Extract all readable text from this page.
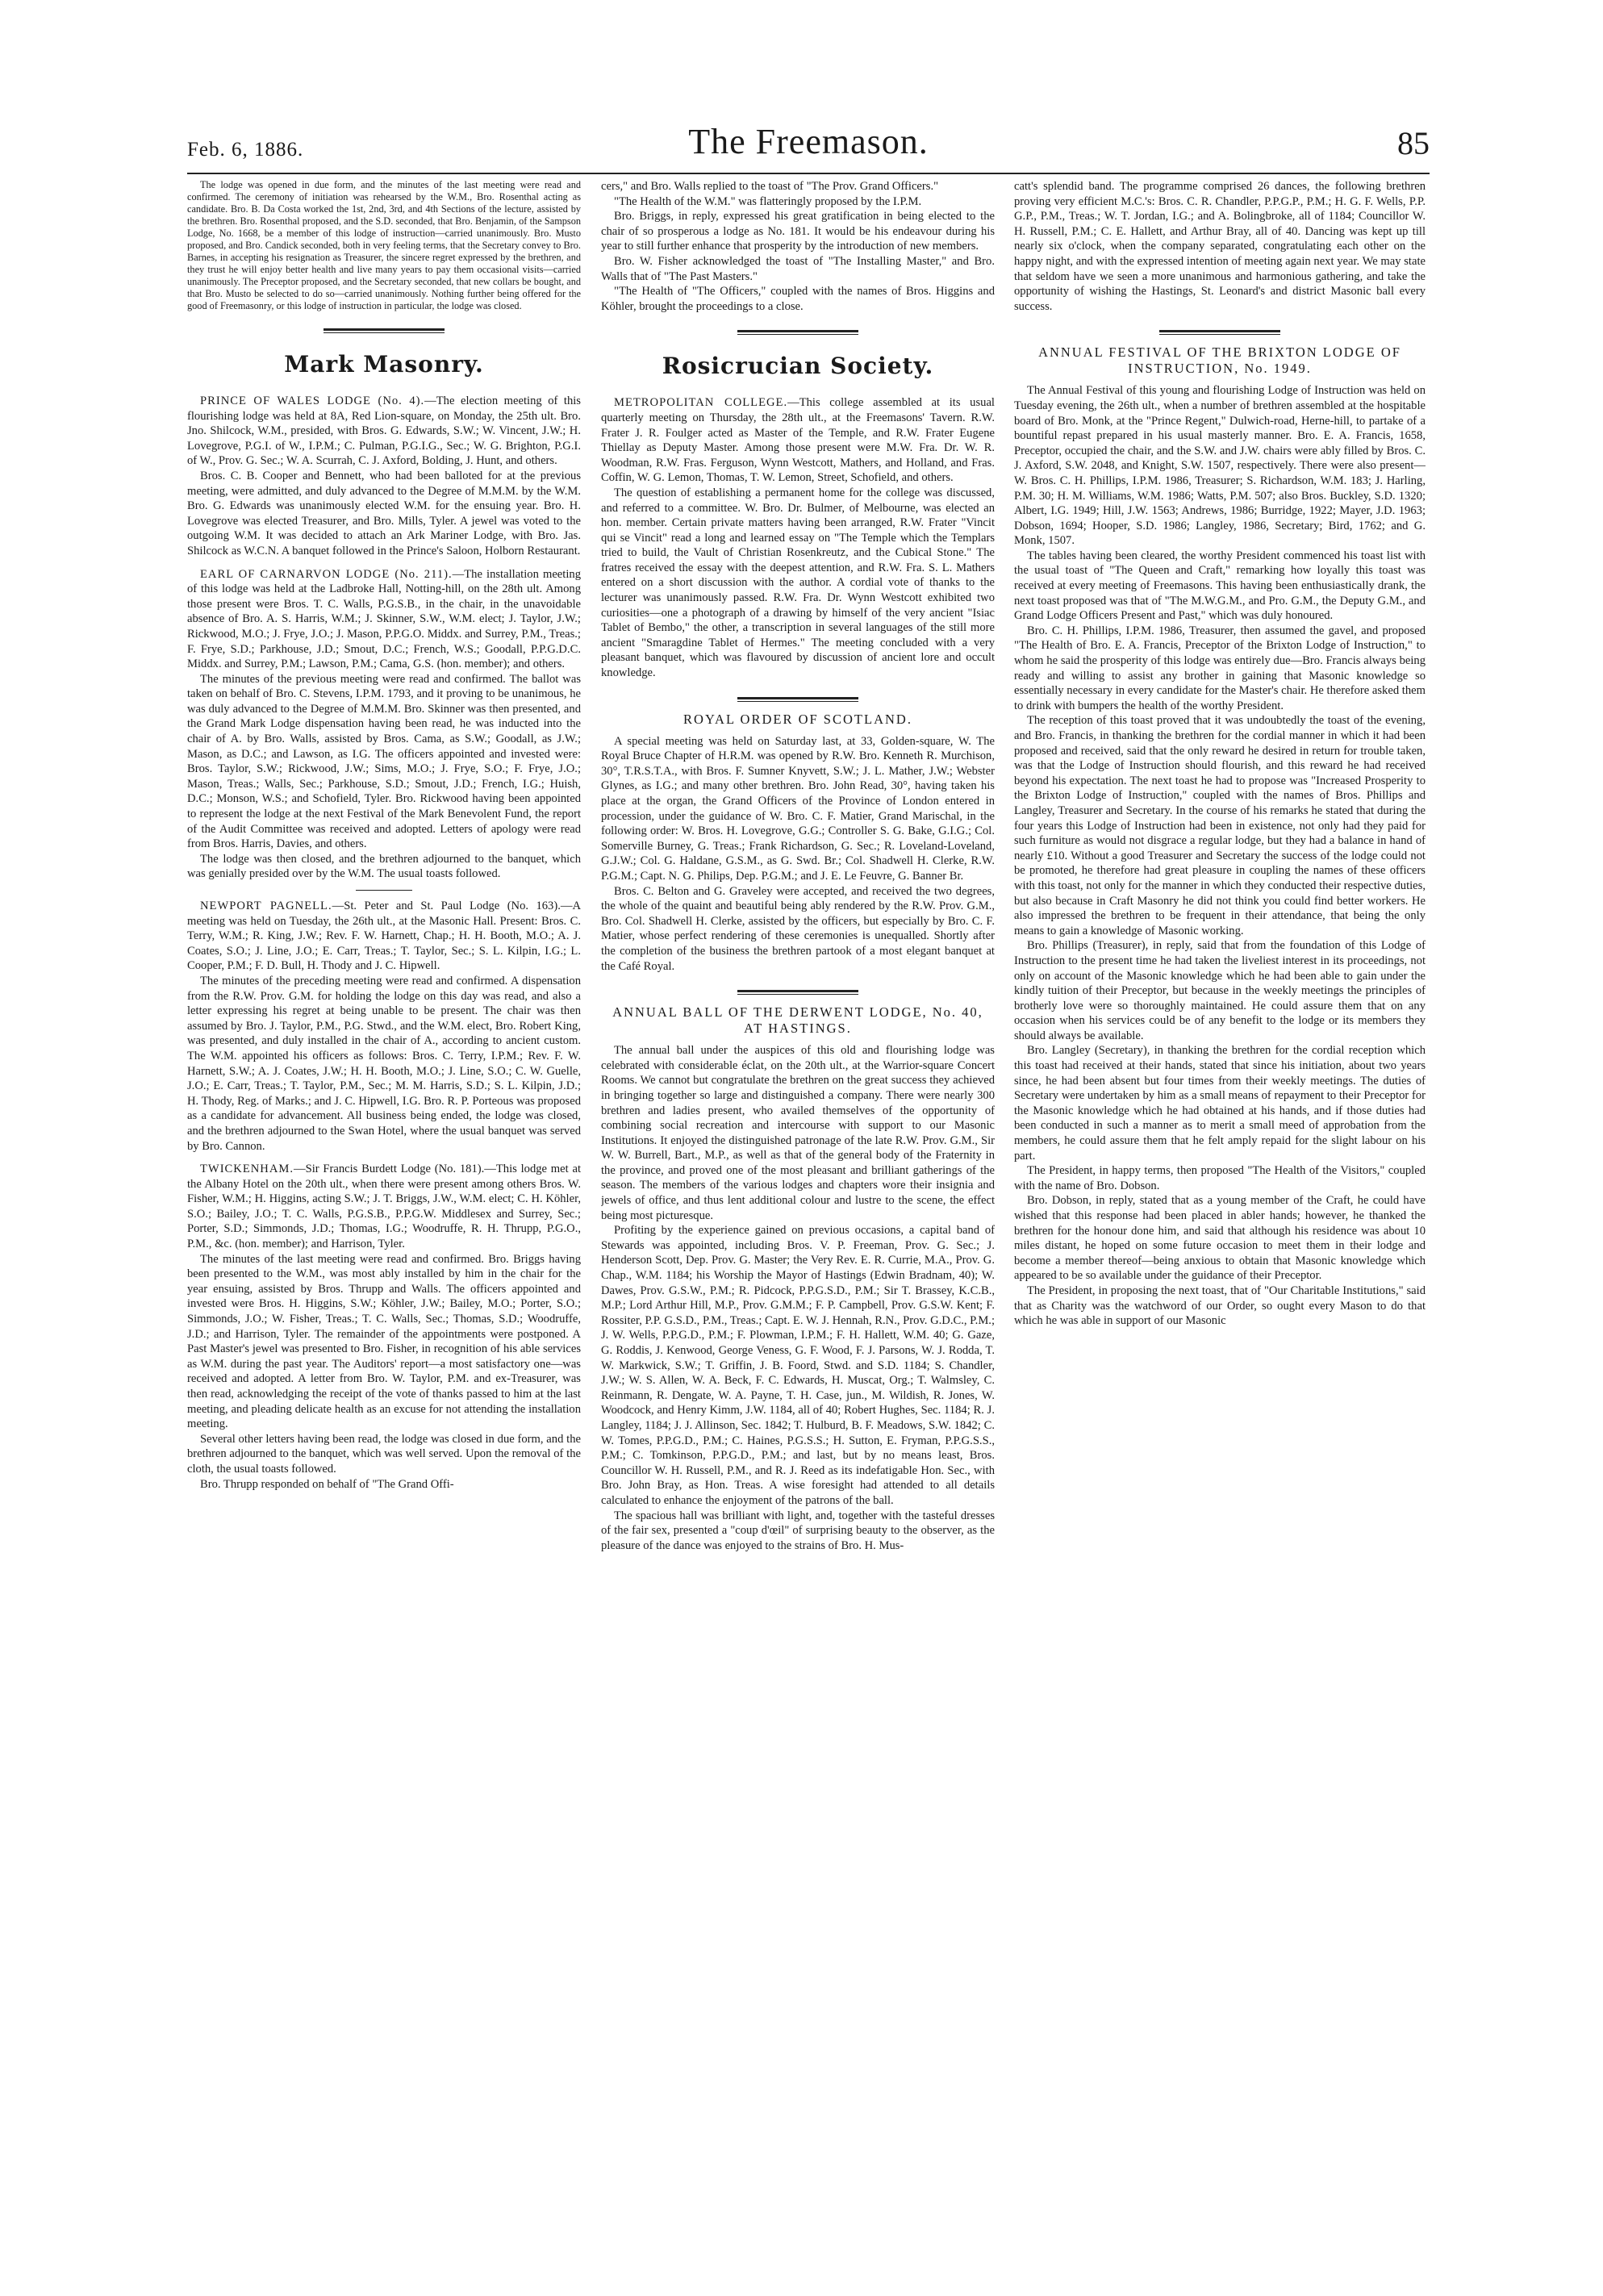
Feb. 6, 1886.	The Freemason.	85

The lodge was opened in due form, and the minutes of the last meeting were read and confirmed. The ceremony of initiation was rehearsed by the W.M., Bro. Rosenthal acting as candidate. Bro. B. Da Costa worked the 1st, 2nd, 3rd, and 4th Sections of the lecture, assisted by the brethren. Bro. Rosenthal proposed, and the S.D. seconded, that Bro. Benjamin, of the Sampson Lodge, No. 1668, be a member of this lodge of instruction—carried unanimously. Bro. Musto proposed, and Bro. Candick seconded, both in very feeling terms, that the Secretary convey to Bro. Barnes, in accepting his resignation as Treasurer, the sincere regret expressed by the brethren, and they trust he will enjoy better health and live many years to pay them occasional visits—carried unanimously. The Preceptor proposed, and the Secretary seconded, that new collars be bought, and that Bro. Musto be selected to do so—carried unanimously. Nothing further being offered for the good of Freemasonry, or this lodge of instruction in particular, the lodge was closed.

Mark Masonry.

PRINCE OF WALES LODGE (No. 4).—The election meeting of this flourishing lodge was held at 8A, Red Lion-square, on Monday, the 25th ult. Bro. Jno. Shilcock, W.M., presided, with Bros. G. Edwards, S.W.; W. Vincent, J.W.; H. Lovegrove, P.G.I. of W., I.P.M.; C. Pulman, P.G.I.G., Sec.; W. G. Brighton, P.G.I. of W., Prov. G. Sec.; W. A. Scurrah, C. J. Axford, Bolding, J. Hunt, and others.

Bros. C. B. Cooper and Bennett, who had been balloted for at the previous meeting, were admitted, and duly advanced to the Degree of M.M.M. by the W.M. Bro. G. Edwards was unanimously elected W.M. for the ensuing year. Bro. H. Lovegrove was elected Treasurer, and Bro. Mills, Tyler. A jewel was voted to the outgoing W.M. It was decided to attach an Ark Mariner Lodge, with Bro. Jas. Shilcock as W.C.N. A banquet followed in the Prince's Saloon, Holborn Restaurant.

EARL OF CARNARVON LODGE (No. 211).—The installation meeting of this lodge was held at the Ladbroke Hall, Notting-hill, on the 28th ult. Among those present were Bros. T. C. Walls, P.G.S.B., in the chair, in the unavoidable absence of Bro. A. S. Harris, W.M.; J. Skinner, S.W., W.M. elect; J. Taylor, J.W.; Rickwood, M.O.; J. Frye, J.O.; J. Mason, P.P.G.O. Middx. and Surrey, P.M., Treas.; F. Frye, S.D.; Parkhouse, J.D.; Smout, D.C.; French, W.S.; Goodall, P.P.G.D.C. Middx. and Surrey, P.M.; Lawson, P.M.; Cama, G.S. (hon. member); and others.

The minutes of the previous meeting were read and confirmed. The ballot was taken on behalf of Bro. C. Stevens, I.P.M. 1793, and it proving to be unanimous, he was duly advanced to the Degree of M.M.M. Bro. Skinner was then presented, and the Grand Mark Lodge dispensation having been read, he was inducted into the chair of A. by Bro. Walls, assisted by Bros. Cama, as S.W.; Goodall, as J.W.; Mason, as D.C.; and Lawson, as I.G. The officers appointed and invested were: Bros. Taylor, S.W.; Rickwood, J.W.; Sims, M.O.; J. Frye, S.O.; F. Frye, J.O.; Mason, Treas.; Walls, Sec.; Parkhouse, S.D.; Smout, J.D.; French, I.G.; Huish, D.C.; Monson, W.S.; and Schofield, Tyler. Bro. Rickwood having been appointed to represent the lodge at the next Festival of the Mark Benevolent Fund, the report of the Audit Committee was received and adopted. Letters of apology were read from Bros. Harris, Davies, and others.

The lodge was then closed, and the brethren adjourned to the banquet, which was genially presided over by the W.M. The usual toasts followed.

NEWPORT PAGNELL.—St. Peter and St. Paul Lodge (No. 163).—A meeting was held on Tuesday, the 26th ult., at the Masonic Hall. Present: Bros. C. Terry, W.M.; R. King, J.W.; Rev. F. W. Harnett, Chap.; H. H. Booth, M.O.; A. J. Coates, S.O.; J. Line, J.O.; E. Carr, Treas.; T. Taylor, Sec.; S. L. Kilpin, I.G.; L. Cooper, P.M.; F. D. Bull, H. Thody and J. C. Hipwell.

The minutes of the preceding meeting were read and confirmed. A dispensation from the R.W. Prov. G.M. for holding the lodge on this day was read, and also a letter expressing his regret at being unable to be present. The chair was then assumed by Bro. J. Taylor, P.M., P.G. Stwd., and the W.M. elect, Bro. Robert King, was presented, and duly installed in the chair of A., according to ancient custom. The W.M. appointed his officers as follows: Bros. C. Terry, I.P.M.; Rev. F. W. Harnett, S.W.; A. J. Coates, J.W.; H. H. Booth, M.O.; J. Line, S.O.; C. W. Guelle, J.O.; E. Carr, Treas.; T. Taylor, P.M., Sec.; M. M. Harris, S.D.; S. L. Kilpin, J.D.; H. Thody, Reg. of Marks.; and J. C. Hipwell, I.G. Bro. R. P. Porteous was proposed as a candidate for advancement. All business being ended, the lodge was closed, and the brethren adjourned to the Swan Hotel, where the usual banquet was served by Bro. Cannon.

TWICKENHAM.—Sir Francis Burdett Lodge (No. 181).—This lodge met at the Albany Hotel on the 20th ult., when there were present among others Bros. W. Fisher, W.M.; H. Higgins, acting S.W.; J. T. Briggs, J.W., W.M. elect; C. H. Köhler, S.O.; Bailey, J.O.; T. C. Walls, P.G.S.B., P.P.G.W. Middlesex and Surrey, Sec.; Porter, S.D.; Simmonds, J.D.; Thomas, I.G.; Woodruffe, R. H. Thrupp, P.G.O., P.M., &c. (hon. member); and Harrison, Tyler.

The minutes of the last meeting were read and confirmed. Bro. Briggs having been presented to the W.M., was most ably installed by him in the chair for the year ensuing, assisted by Bros. Thrupp and Walls. The officers appointed and invested were Bros. H. Higgins, S.W.; Köhler, J.W.; Bailey, M.O.; Porter, S.O.; Simmonds, J.O.; W. Fisher, Treas.; T. C. Walls, Sec.; Thomas, S.D.; Woodruffe, J.D.; and Harrison, Tyler. The remainder of the appointments were postponed. A Past Master's jewel was presented to Bro. Fisher, in recognition of his able services as W.M. during the past year. The Auditors' report—a most satisfactory one—was received and adopted. A letter from Bro. W. Taylor, P.M. and ex-Treasurer, was then read, acknowledging the receipt of the vote of thanks passed to him at the last meeting, and pleading delicate health as an excuse for not attending the installation meeting.

Several other letters having been read, the lodge was closed in due form, and the brethren adjourned to the banquet, which was well served. Upon the removal of the cloth, the usual toasts followed.

Bro. Thrupp responded on behalf of "The Grand Offi-

cers," and Bro. Walls replied to the toast of "The Prov. Grand Officers."

"The Health of the W.M." was flatteringly proposed by the I.P.M.

Bro. Briggs, in reply, expressed his great gratification in being elected to the chair of so prosperous a lodge as No. 181. It would be his endeavour during his year to still further enhance that prosperity by the introduction of new members.

Bro. W. Fisher acknowledged the toast of "The Installing Master," and Bro. Walls that of "The Past Masters."

"The Health of "The Officers," coupled with the names of Bros. Higgins and Köhler, brought the proceedings to a close.

Rosicrucian Society.

METROPOLITAN COLLEGE.—This college assembled at its usual quarterly meeting on Thursday, the 28th ult., at the Freemasons' Tavern. R.W. Frater J. R. Foulger acted as Master of the Temple, and R.W. Frater Eugene Thiellay as Deputy Master. Among those present were M.W. Fra. Dr. W. R. Woodman, R.W. Fras. Ferguson, Wynn Westcott, Mathers, and Holland, and Fras. Coffin, W. G. Lemon, Thomas, T. W. Lemon, Street, Schofield, and others.

The question of establishing a permanent home for the college was discussed, and referred to a committee. W. Bro. Dr. Bulmer, of Melbourne, was elected an hon. member. Certain private matters having been arranged, R.W. Frater "Vincit qui se Vincit" read a long and learned essay on "The Temple which the Templars tried to build, the Vault of Christian Rosenkreutz, and the Cubical Stone." The fratres received the essay with the deepest attention, and R.W. Fra. S. L. Mathers entered on a short discussion with the author. A cordial vote of thanks to the lecturer was unanimously passed. R.W. Fra. Dr. Wynn Westcott exhibited two curiosities—one a photograph of a drawing by himself of the very ancient "Isiac Tablet of Bembo," the other, a transcription in several languages of the still more ancient "Smaragdine Tablet of Hermes." The meeting concluded with a very pleasant banquet, which was flavoured by discussion of ancient lore and occult knowledge.

ROYAL ORDER OF SCOTLAND.

A special meeting was held on Saturday last, at 33, Golden-square, W. The Royal Bruce Chapter of H.R.M. was opened by R.W. Bro. Kenneth R. Murchison, 30°, T.R.S.T.A., with Bros. F. Sumner Knyvett, S.W.; J. L. Mather, J.W.; Webster Glynes, as I.G.; and many other brethren. Bro. John Read, 30°, having taken his place at the organ, the Grand Officers of the Province of London entered in procession, under the guidance of W. Bro. C. F. Matier, Grand Marischal, in the following order: W. Bros. H. Lovegrove, G.G.; Controller S. G. Bake, G.I.G.; Col. Somerville Burney, G. Treas.; Frank Richardson, G. Sec.; R. Loveland-Loveland, G.J.W.; Col. G. Haldane, G.S.M., as G. Swd. Br.; Col. Shadwell H. Clerke, R.W. P.G.M.; Capt. N. G. Philips, Dep. P.G.M.; and J. E. Le Feuvre, G. Banner Br.

Bros. C. Belton and G. Graveley were accepted, and received the two degrees, the whole of the quaint and beautiful being ably rendered by the R.W. Prov. G.M., Bro. Col. Shadwell H. Clerke, assisted by the officers, but especially by Bro. C. F. Matier, whose perfect rendering of these ceremonies is unequalled. Shortly after the completion of the business the brethren partook of a most elegant banquet at the Café Royal.

ANNUAL BALL OF THE DERWENT LODGE, No. 40, AT HASTINGS.

The annual ball under the auspices of this old and flourishing lodge was celebrated with considerable éclat, on the 20th ult., at the Warrior-square Concert Rooms. We cannot but congratulate the brethren on the great success they achieved in bringing together so large and distinguished a company. There were nearly 300 brethren and ladies present, who availed themselves of the opportunity of combining social recreation and intercourse with support to our Masonic Institutions. It enjoyed the distinguished patronage of the late R.W. Prov. G.M., Sir W. W. Burrell, Bart., M.P., as well as that of the general body of the Fraternity in the province, and proved one of the most pleasant and brilliant gatherings of the season. The members of the various lodges and chapters wore their insignia and jewels of office, and thus lent additional colour and lustre to the scene, the effect being most picturesque.

Profiting by the experience gained on previous occasions, a capital band of Stewards was appointed, including Bros. V. P. Freeman, Prov. G. Sec.; J. Henderson Scott, Dep. Prov. G. Master; the Very Rev. E. R. Currie, M.A., Prov. G. Chap., W.M. 1184; his Worship the Mayor of Hastings (Edwin Bradnam, 40); W. Dawes, Prov. G.S.W., P.M.; R. Pidcock, P.P.G.S.D., P.M.; Sir T. Brassey, K.C.B., M.P.; Lord Arthur Hill, M.P., Prov. G.M.M.; F. P. Campbell, Prov. G.S.W. Kent; F. Rossiter, P.P. G.S.D., P.M., Treas.; Capt. E. W. J. Hennah, R.N., Prov. G.D.C., P.M.; J. W. Wells, P.P.G.D., P.M.; F. Plowman, I.P.M.; F. H. Hallett, W.M. 40; G. Gaze, G. Roddis, J. Kenwood, George Veness, G. F. Wood, F. J. Parsons, W. J. Rodda, T. W. Markwick, S.W.; T. Griffin, J. B. Foord, Stwd. and S.D. 1184; S. Chandler, J.W.; W. S. Allen, W. A. Beck, F. C. Edwards, H. Muscat, Org.; T. Walmsley, C. Reinmann, R. Dengate, W. A. Payne, T. H. Case, jun., M. Wildish, R. Jones, W. Woodcock, and Henry Kimm, J.W. 1184, all of 40; Robert Hughes, Sec. 1184; R. J. Langley, 1184; J. J. Allinson, Sec. 1842; T. Hulburd, B. F. Meadows, S.W. 1842; C. W. Tomes, P.P.G.D., P.M.; C. Haines, P.G.S.S.; H. Sutton, E. Fryman, P.P.G.S.S., P.M.; C. Tomkinson, P.P.G.D., P.M.; and last, but by no means least, Bros. Councillor W. H. Russell, P.M., and R. J. Reed as its indefatigable Hon. Sec., with Bro. John Bray, as Hon. Treas. A wise foresight had attended to all details calculated to enhance the enjoyment of the patrons of the ball.

The spacious hall was brilliant with light, and, together with the tasteful dresses of the fair sex, presented a "coup d'œil" of surprising beauty to the observer, as the pleasure of the dance was enjoyed to the strains of Bro. H. Mus-

catt's splendid band. The programme comprised 26 dances, the following brethren proving very efficient M.C.'s: Bros. C. R. Chandler, P.P.G.P., P.M.; H. G. F. Wells, P.P. G.P., P.M., Treas.; W. T. Jordan, I.G.; and A. Bolingbroke, all of 1184; Councillor W. H. Russell, P.M.; C. E. Hallett, and Arthur Bray, all of 40. Dancing was kept up till nearly six o'clock, when the company separated, congratulating each other on the happy night, and with the expressed intention of meeting again next year. We may state that seldom have we seen a more unanimous and harmonious gathering, and take the opportunity of wishing the Hastings, St. Leonard's and district Masonic ball every success.

ANNUAL FESTIVAL OF THE BRIXTON LODGE OF INSTRUCTION, No. 1949.

The Annual Festival of this young and flourishing Lodge of Instruction was held on Tuesday evening, the 26th ult., when a number of brethren assembled at the hospitable board of Bro. Monk, at the "Prince Regent," Dulwich-road, Herne-hill, to partake of a bountiful repast prepared in his usual masterly manner. Bro. E. A. Francis, 1658, Preceptor, occupied the chair, and the S.W. and J.W. chairs were ably filled by Bros. C. J. Axford, S.W. 2048, and Knight, S.W. 1507, respectively. There were also present—W. Bros. C. H. Phillips, I.P.M. 1986, Treasurer; S. Richardson, W.M. 183; J. Harling, P.M. 30; H. M. Williams, W.M. 1986; Watts, P.M. 507; also Bros. Buckley, S.D. 1320; Albert, I.G. 1949; Hill, J.W. 1563; Andrews, 1986; Burridge, 1922; Mayer, J.D. 1963; Dobson, 1694; Hooper, S.D. 1986; Langley, 1986, Secretary; Bird, 1762; and G. Monk, 1507.

The tables having been cleared, the worthy President commenced his toast list with the usual toast of "The Queen and Craft," remarking how loyally this toast was received at every meeting of Freemasons. This having been enthusiastically drank, the next toast proposed was that of "The M.W.G.M., and Pro. G.M., the Deputy G.M., and Grand Lodge Officers Present and Past," which was duly honoured.

Bro. C. H. Phillips, I.P.M. 1986, Treasurer, then assumed the gavel, and proposed "The Health of Bro. E. A. Francis, Preceptor of the Brixton Lodge of Instruction," to whom he said the prosperity of this lodge was entirely due—Bro. Francis always being ready and willing to assist any brother in gaining that Masonic knowledge so essentially necessary in every candidate for the Master's chair. He therefore asked them to drink with bumpers the health of the worthy President.

The reception of this toast proved that it was undoubtedly the toast of the evening, and Bro. Francis, in thanking the brethren for the cordial manner in which it had been proposed and received, said that the only reward he desired in return for trouble taken, was that the Lodge of Instruction should flourish, and this reward he had received beyond his expectation. The next toast he had to propose was "Increased Prosperity to the Brixton Lodge of Instruction," coupled with the names of Bros. Phillips and Langley, Treasurer and Secretary. In the course of his remarks he stated that during the four years this Lodge of Instruction had been in existence, not only had they paid for such furniture as would not disgrace a regular lodge, but they had a balance in hand of nearly £10. Without a good Treasurer and Secretary the success of the lodge could not be promoted, he therefore had great pleasure in coupling the names of these officers with this toast, not only for the manner in which they conducted their respective duties, but also because in Craft Masonry he did not think you could find better workers. He also impressed the brethren to be frequent in their attendance, that being the only means to gain a knowledge of Masonic working.

Bro. Phillips (Treasurer), in reply, said that from the foundation of this Lodge of Instruction to the present time he had taken the liveliest interest in its proceedings, not only on account of the Masonic knowledge which he had been able to gain under the kindly tuition of their Preceptor, but because in the weekly meetings the principles of brotherly love were so thoroughly maintained. He could assure them that on any occasion when his services could be of any benefit to the lodge or its members they should always be available.

Bro. Langley (Secretary), in thanking the brethren for the cordial reception which this toast had received at their hands, stated that since his initiation, about two years since, he had been absent but four times from their weekly meetings. The duties of Secretary were undertaken by him as a small means of repayment to their Preceptor for the Masonic knowledge which he had obtained at his hands, and if those duties had been conducted in such a manner as to merit a small meed of approbation from the members, he could assure them that he felt amply repaid for the slight labour on his part.

The President, in happy terms, then proposed "The Health of the Visitors," coupled with the name of Bro. Dobson.

Bro. Dobson, in reply, stated that as a young member of the Craft, he could have wished that this response had been placed in abler hands; however, he thanked the brethren for the honour done him, and said that although his residence was about 10 miles distant, he hoped on some future occasion to meet them in their lodge and become a member thereof—being anxious to obtain that Masonic knowledge which appeared to be so available under the guidance of their Preceptor.

The President, in proposing the next toast, that of "Our Charitable Institutions," said that as Charity was the watchword of our Order, so ought every Mason to do that which he was able in support of our Masonic
